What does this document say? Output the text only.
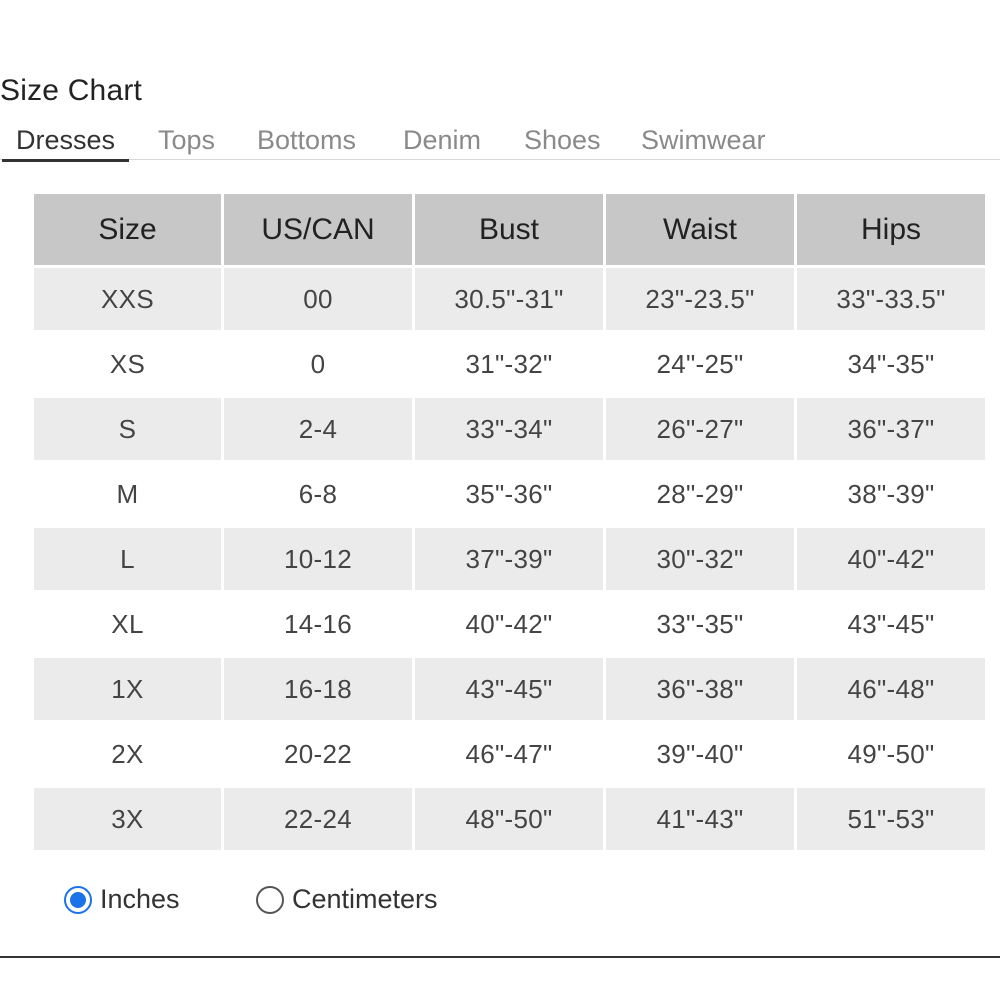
Size Chart
Dresses Tops Bottoms Denim Shoes Swimwear
Size	US/CAN	Bust	Waist	Hips
XXS	00	30.5"-31"	23"-23.5"	33"-33.5"
XS	0	31"-32"	24"-25"	34"-35"
S	2-4	33"-34"	26"-27"	36"-37"
M	6-8	35"-36"	28"-29"	38"-39"
L	10-12	37"-39"	30"-32"	40"-42"
XL	14-16	40"-42"	33"-35"	43"-45"
1X	16-18	43"-45"	36"-38"	46"-48"
2X	20-22	46"-47"	39"-40"	49"-50"
3X	22-24	48"-50"	41"-43"	51"-53"
Inches	Centimeters
